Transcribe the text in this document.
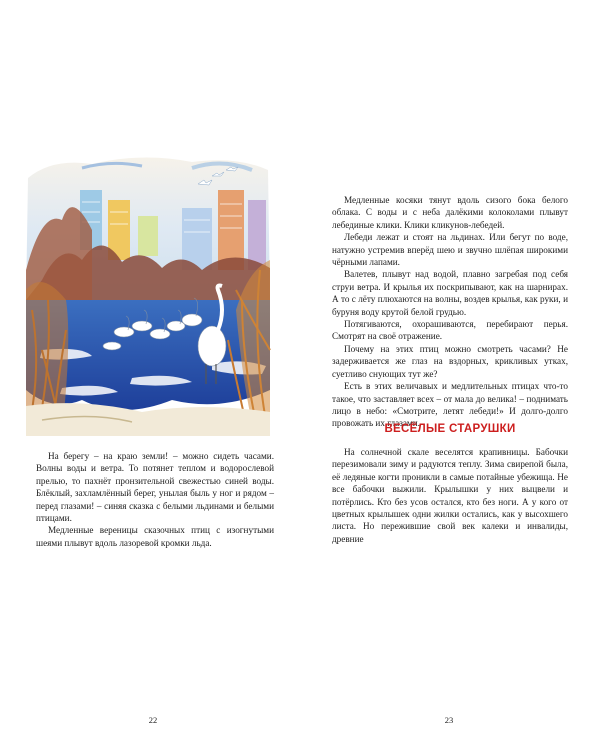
На берегу – на краю земли! – можно сидеть часами. Волны воды и ветра. То потянет теплом и водорослевой прелью, то пахнёт пронзительной свежестью синей воды. Блёклый, захламлённый берег, унылая быль у ног и рядом – перед глазами! – синяя сказка с белыми льдинами и белыми птицами.

Медленные вереницы сказочных птиц с изогнутыми шеями плывут вдоль лазоревой кромки льда.

22

Медленные косяки тянут вдоль сизого бока белого облака. С воды и с неба далёкими колоколами плывут лебединые клики. Клики кликунов-лебедей.

Лебеди лежат и стоят на льдинах. Или бегут по воде, натужно устремив вперёд шею и звучно шлёпая широкими чёрными лапами.

Валетев, плывут над водой, плавно загребая под себя струи ветра. И крылья их поскрипывают, как на шарнирах. А то с лёту плюхаются на волны, воздев крылья, как руки, и буруня воду крутой белой грудью.

Потягиваются, охорашиваются, перебирают перья. Смотрят на своё отражение.

Почему на этих птиц можно смотреть часами? Не задерживается же глаз на вздорных, крикливых утках, суетливо снующих тут же?

Есть в этих величавых и медлительных птицах что-то такое, что заставляет всех – от мала до велика! – поднимать лицо в небо: «Смотрите, летят лебеди!» И долго-долго провожать их глазами.

ВЕСЁЛЫЕ СТАРУШКИ

На солнечной скале веселятся крапивницы. Бабочки перезимовали зиму и радуются теплу. Зима свирепой была, её ледяные когти проникли в самые потайные убежища. Не все бабочки выжили. Крылышки у них выцвели и потёрлись. Кто без усов остался, кто без ноги. А у кого от цветных крылышек одни жилки остались, как у высохшего листа. Но пережившие свой век калеки и инвалиды, древние

23
